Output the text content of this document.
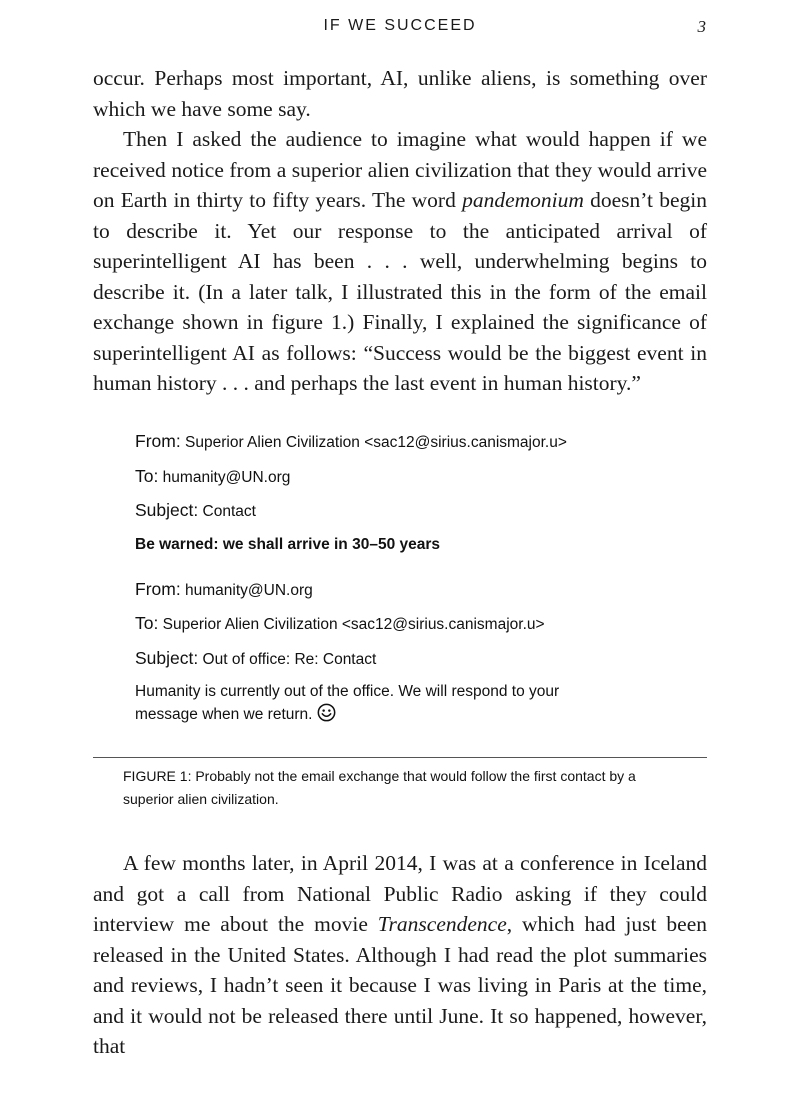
IF WE SUCCEED	3

occur. Perhaps most important, AI, unlike aliens, is something over which we have some say.

Then I asked the audience to imagine what would happen if we received notice from a superior alien civilization that they would arrive on Earth in thirty to fifty years. The word pandemonium doesn’t begin to describe it. Yet our response to the anticipated arrival of superintelligent AI has been . . . well, underwhelming begins to describe it. (In a later talk, I illustrated this in the form of the email exchange shown in figure 1.) Finally, I explained the significance of superintelligent AI as follows: “Success would be the biggest event in human history . . . and perhaps the last event in human history.”

From: Superior Alien Civilization <sac12@sirius.canismajor.u>
To: humanity@UN.org
Subject: Contact
Be warned: we shall arrive in 30–50 years
From: humanity@UN.org
To: Superior Alien Civilization <sac12@sirius.canismajor.u>
Subject: Out of office: Re: Contact
Humanity is currently out of the office. We will respond to your
message when we return.
FIGURE 1: Probably not the email exchange that would follow the first contact by a superior alien civilization.

A few months later, in April 2014, I was at a conference in Iceland and got a call from National Public Radio asking if they could interview me about the movie Transcendence, which had just been released in the United States. Although I had read the plot summaries and reviews, I hadn’t seen it because I was living in Paris at the time, and it would not be released there until June. It so happened, however, that
